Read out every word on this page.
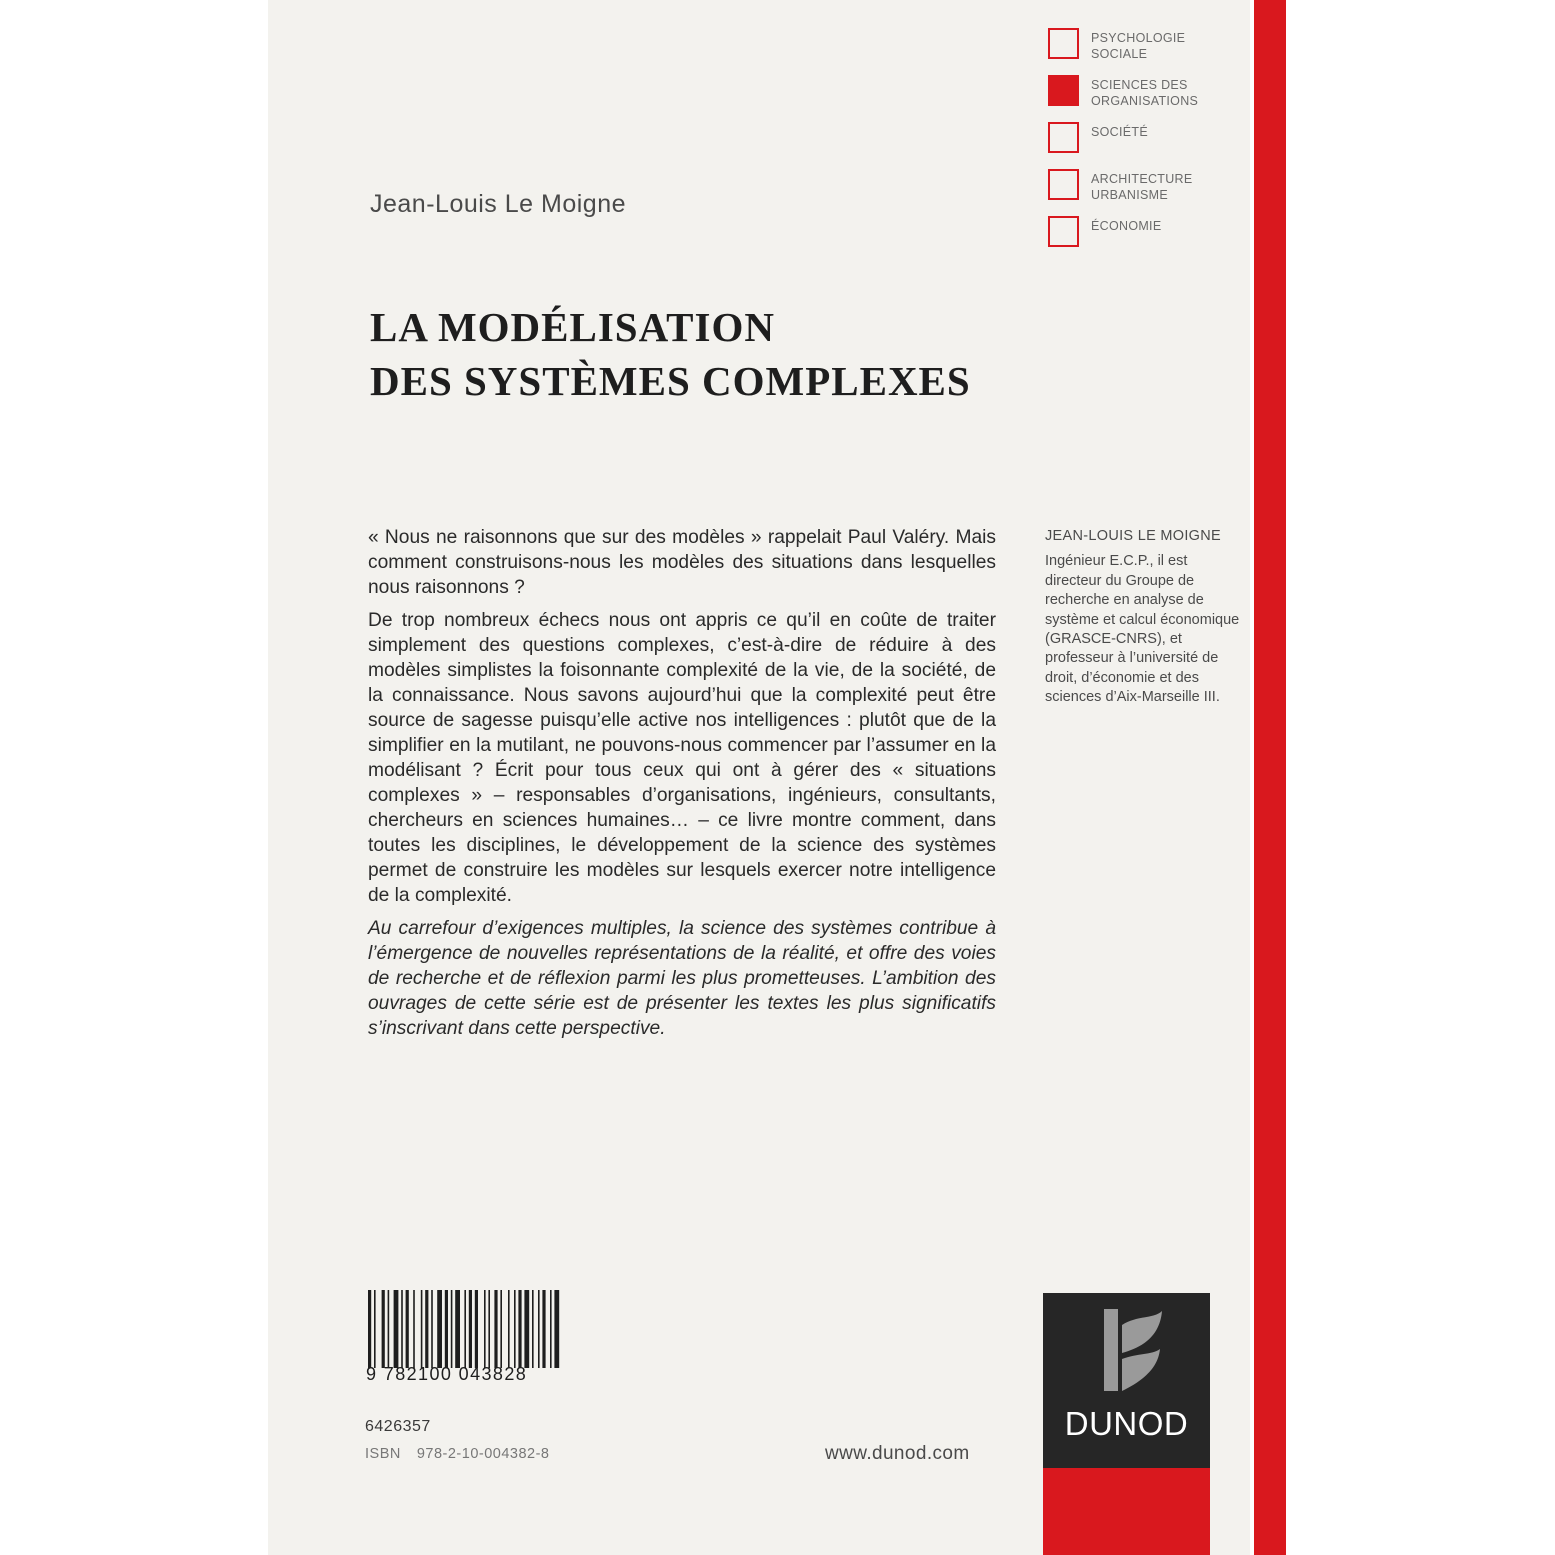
Jean-Louis Le Moigne
LA MODÉLISATION
DES SYSTÈMES COMPLEXES
PSYCHOLOGIE SOCIALE
SCIENCES DES ORGANISATIONS
SOCIÉTÉ
ARCHITECTURE URBANISME
ÉCONOMIE

« Nous ne raisonnons que sur des modèles » rappelait Paul Valéry. Mais comment construisons-nous les modèles des situations dans lesquelles nous raisonnons ?

De trop nombreux échecs nous ont appris ce qu’il en coûte de traiter simplement des questions complexes, c’est-à-dire de réduire à des modèles simplistes la foisonnante complexité de la vie, de la société, de la connaissance. Nous savons aujourd’hui que la complexité peut être source de sagesse puisqu’elle active nos intelligences : plutôt que de la simplifier en la mutilant, ne pouvons-nous commencer par l’assumer en la modélisant ? Écrit pour tous ceux qui ont à gérer des « situations complexes » – responsables d’organisations, ingénieurs, consultants, chercheurs en sciences humaines… – ce livre montre comment, dans toutes les disciplines, le développement de la science des systèmes permet de construire les modèles sur lesquels exercer notre intelligence de la complexité.

Au carrefour d’exigences multiples, la science des systèmes contribue à l’émergence de nouvelles représentations de la réalité, et offre des voies de recherche et de réflexion parmi les plus prometteuses. L’ambition des ouvrages de cette série est de présenter les textes les plus significatifs s’inscrivant dans cette perspective.

JEAN-LOUIS LE MOIGNE
Ingénieur E.C.P., il est directeur du Groupe de recherche en analyse de système et calcul économique (GRASCE-CNRS), et professeur à l’université de droit, d’économie et des sciences d’Aix-Marseille III.
9 782100 043828
6426357
ISBN 978-2-10-004382-8	www.dunod.com
DUNOD
